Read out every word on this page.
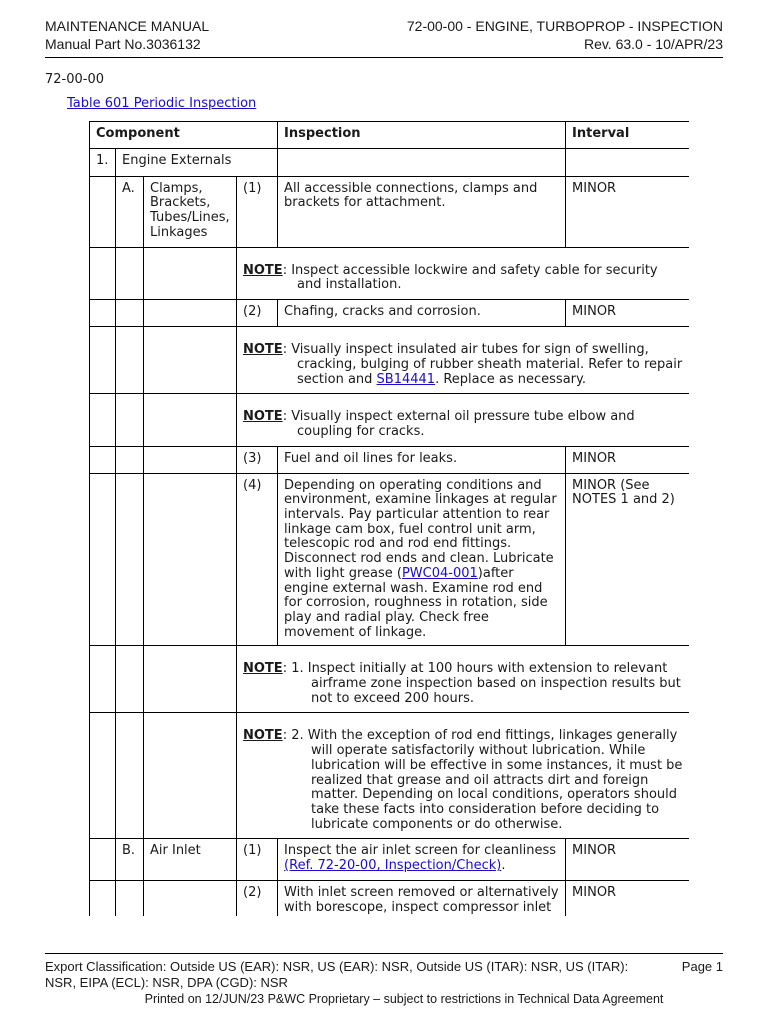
MAINTENANCE MANUAL
Manual Part No.3036132
72-00-00 - ENGINE, TURBOPROP - INSPECTION
Rev. 63.0 - 10/APR/23
72-00-00
Table 601 Periodic Inspection
Component				Inspection	Interval
1.	Engine Externals				
	A.	Clamps, Brackets, Tubes/Lines, Linkages	(1)	All accessible connections, clamps and brackets for attachment.	MINOR

			NOTE: Inspect accessible lockwire and safety cable for security and installation.		

			(2)	Chafing, cracks and corrosion.	MINOR

			NOTE: Visually inspect insulated air tubes for sign of swelling, cracking, bulging of rubber sheath material. Refer to repair section and SB14441. Replace as necessary.		

			NOTE: Visually inspect external oil pressure tube elbow and coupling for cracks.		

			(3)	Fuel and oil lines for leaks.	MINOR
			(4)	Depending on operating conditions and environment, examine linkages at regular intervals. Pay particular attention to rear linkage cam box, fuel control unit arm, telescopic rod and rod end fittings. Disconnect rod ends and clean. Lubricate with light grease (PWC04-001)after engine external wash. Examine rod end for corrosion, roughness in rotation, side play and radial play. Check free movement of linkage.	MINOR (See NOTES 1 and 2)

			NOTE: 1. Inspect initially at 100 hours with extension to relevant airframe zone inspection based on inspection results but not to exceed 200 hours.		

			NOTE: 2. With the exception of rod end fittings, linkages generally will operate satisfactorily without lubrication. While lubrication will be effective in some instances, it must be realized that grease and oil attracts dirt and foreign matter. Depending on local conditions, operators should take these facts into consideration before deciding to lubricate components or do otherwise.		

	B.	Air Inlet	(1)	Inspect the air inlet screen for cleanliness (Ref. 72-20-00, Inspection/Check).	MINOR
			(2)	With inlet screen removed or alternatively with borescope, inspect compressor inlet	MINOR
Export Classification: Outside US (EAR): NSR, US (EAR): NSR, Outside US (ITAR): NSR, US (ITAR): NSR, EIPA (ECL): NSR, DPA (CGD): NSR
Page 1
Printed on 12/JUN/23 P&WC Proprietary – subject to restrictions in Technical Data Agreement
